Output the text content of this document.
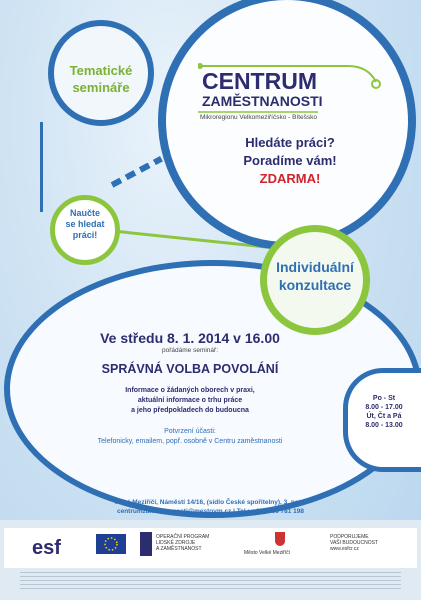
Tematické
semináře	CENTRUM
ZAMĚSTNANOSTI
Mikroregionu Velkomeziříčsko - Bítešsko
Hledáte práci?
Poradíme vám!
ZDARMA!
Naučte
se hledat
práci!
Individuální
konzultace
Ve středu 8. 1. 2014 v 16.00
pořádáme seminář:
SPRÁVNÁ VOLBA POVOLÁNÍ
Informace o žádaných oborech v praxi,
aktuální informace o trhu práce
a jeho předpokladech do budoucna
Potvrzení účasti:
Telefonicky, emailem, popř. osobně v Centru zaměstnanosti
Po - St
8.00 - 17.00
Út, Čt a Pá
8.00 - 13.00
Velké Meziříčí, Náměstí 14/16, (sídlo České spořitelny), 3. patro
centrumzamestnanosti@mestovm.cz | Tel.: +420 566 781 198
esf	OPERAČNÍ PROGRAM
LIDSKÉ ZDROJE
A ZAMĚSTNANOST
Město Velké Meziříčí
PODPORUJEME
VAŠI BUDOUCNOST
www.esfcr.cz
